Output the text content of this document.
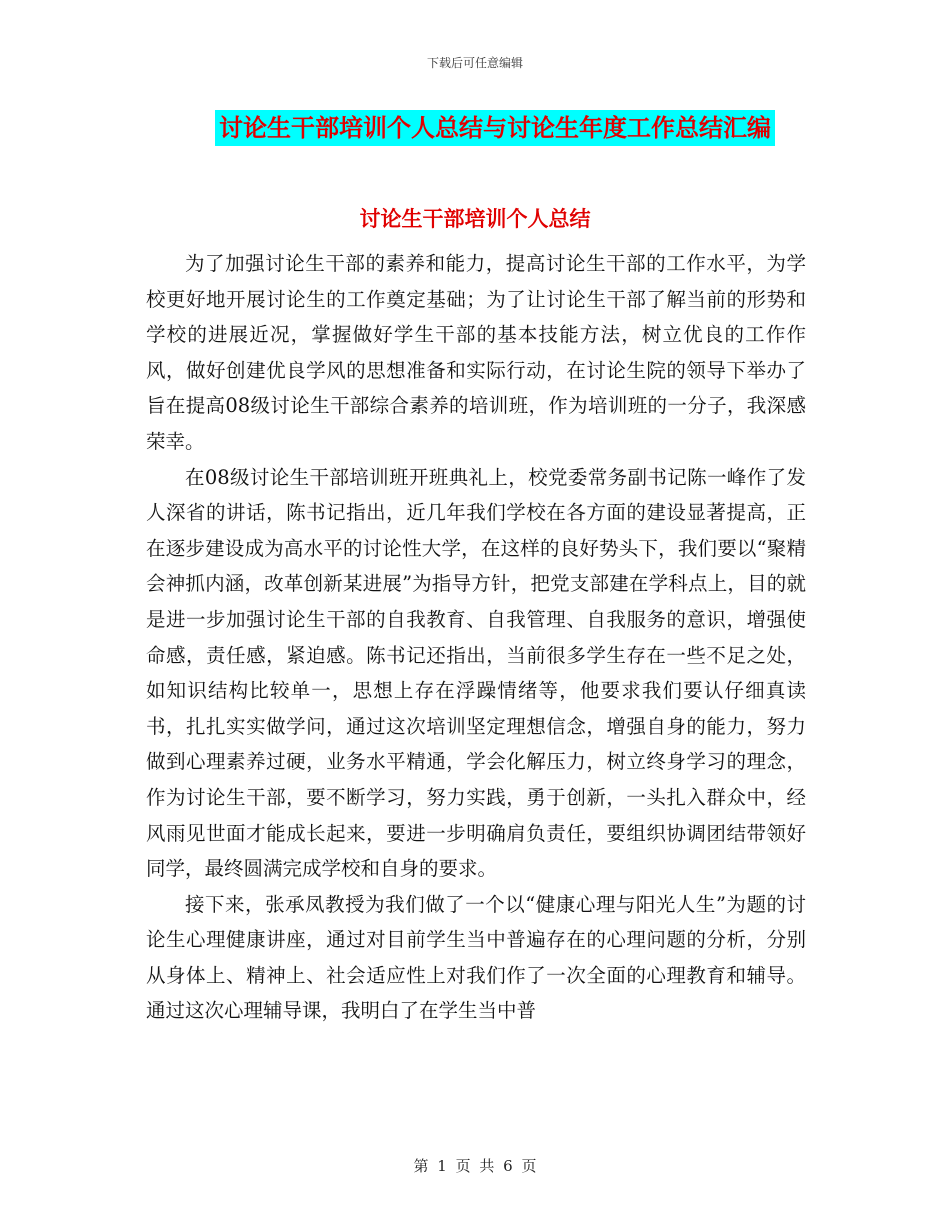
下载后可任意编辑
讨论生干部培训个人总结与讨论生年度工作总结汇编
讨论生干部培训个人总结

为了加强讨论生干部的素养和能力，提高讨论生干部的工作水平，为学校更好地开展讨论生的工作奠定基础；为了让讨论生干部了解当前的形势和学校的进展近况，掌握做好学生干部的基本技能方法，树立优良的工作作风，做好创建优良学风的思想准备和实际行动，在讨论生院的领导下举办了旨在提高08级讨论生干部综合素养的培训班，作为培训班的一分子，我深感荣幸。

在08级讨论生干部培训班开班典礼上，校党委常务副书记陈一峰作了发人深省的讲话，陈书记指出，近几年我们学校在各方面的建设显著提高，正在逐步建设成为高水平的讨论性大学，在这样的良好势头下，我们要以“聚精会神抓内涵，改革创新某进展”为指导方针，把党支部建在学科点上，目的就是进一步加强讨论生干部的自我教育、自我管理、自我服务的意识，增强使命感，责任感，紧迫感。陈书记还指出，当前很多学生存在一些不足之处，如知识结构比较单一，思想上存在浮躁情绪等，他要求我们要认仔细真读书，扎扎实实做学问，通过这次培训坚定理想信念，增强自身的能力，努力做到心理素养过硬，业务水平精通，学会化解压力，树立终身学习的理念，作为讨论生干部，要不断学习，努力实践，勇于创新，一头扎入群众中，经风雨见世面才能成长起来，要进一步明确肩负责任，要组织协调团结带领好同学，最终圆满完成学校和自身的要求。

接下来，张承凤教授为我们做了一个以“健康心理与阳光人生”为题的讨论生心理健康讲座，通过对目前学生当中普遍存在的心理问题的分析，分别从身体上、精神上、社会适应性上对我们作了一次全面的心理教育和辅导。通过这次心理辅导课，我明白了在学生当中普

第 1 页 共 6 页
